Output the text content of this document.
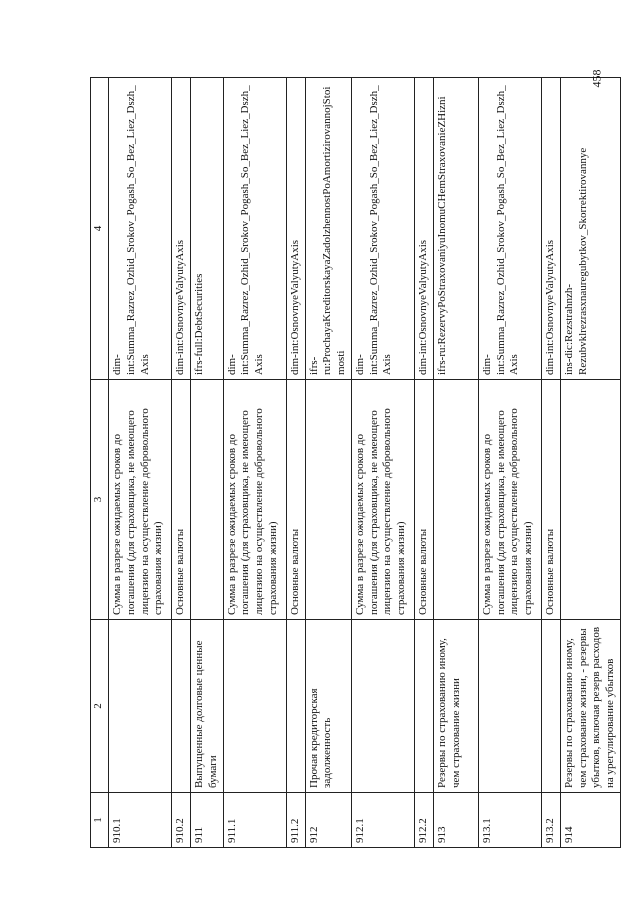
1	2	3	4
910.1		Сумма в разрезе ожидаемых сроков до погашения (для страховщика, не имеющего лицензию на осуществление добровольного страхования жизни)	dim-int:Summa_Razrez_Ozhid_Srokov_Pogash_So_Bez_Liez_Dszh_Axis
910.2		Основные валюты	dim-int:OsnovnyeValyutyAxis
911	Выпущенные долговые ценные бумаги		ifrs-full:DebtSecurities
911.1		Сумма в разрезе ожидаемых сроков до погашения (для страховщика, не имеющего лицензию на осуществление добровольного страхования жизни)	dim-int:Summa_Razrez_Ozhid_Srokov_Pogash_So_Bez_Liez_Dszh_Axis
911.2		Основные валюты	dim-int:OsnovnyeValyutyAxis
912	Прочая кредиторская задолженность		ifrs-ru:ProchayaKreditorskayaZadolzhennostPoAmortizirovannojStoimosti
912.1		Сумма в разрезе ожидаемых сроков до погашения (для страховщика, не имеющего лицензию на осуществление добровольного страхования жизни)	dim-int:Summa_Razrez_Ozhid_Srokov_Pogash_So_Bez_Liez_Dszh_Axis
912.2		Основные валюты	dim-int:OsnovnyeValyutyAxis
913	Резервы по страхованию иному, чем страхование жизни		ifrs-ru:RezervyPoStraxovaniyuInomuCHemStraxovanieZHizni
913.1		Сумма в разрезе ожидаемых сроков до погашения (для страховщика, не имеющего лицензию на осуществление добровольного страхования жизни)	dim-int:Summa_Razrez_Ozhid_Srokov_Pogash_So_Bez_Liez_Dszh_Axis
913.2		Основные валюты	dim-int:OsnovnyeValyutyAxis
914	Резервы по страхованию иному, чем страхование жизни, - резервы убытков, включая резерв расходов на урегулирование убытков		ins-dic:Rezstrahnzh-Rezubvklrezrasxnauregubytkov_Skorrektirovannye
458
